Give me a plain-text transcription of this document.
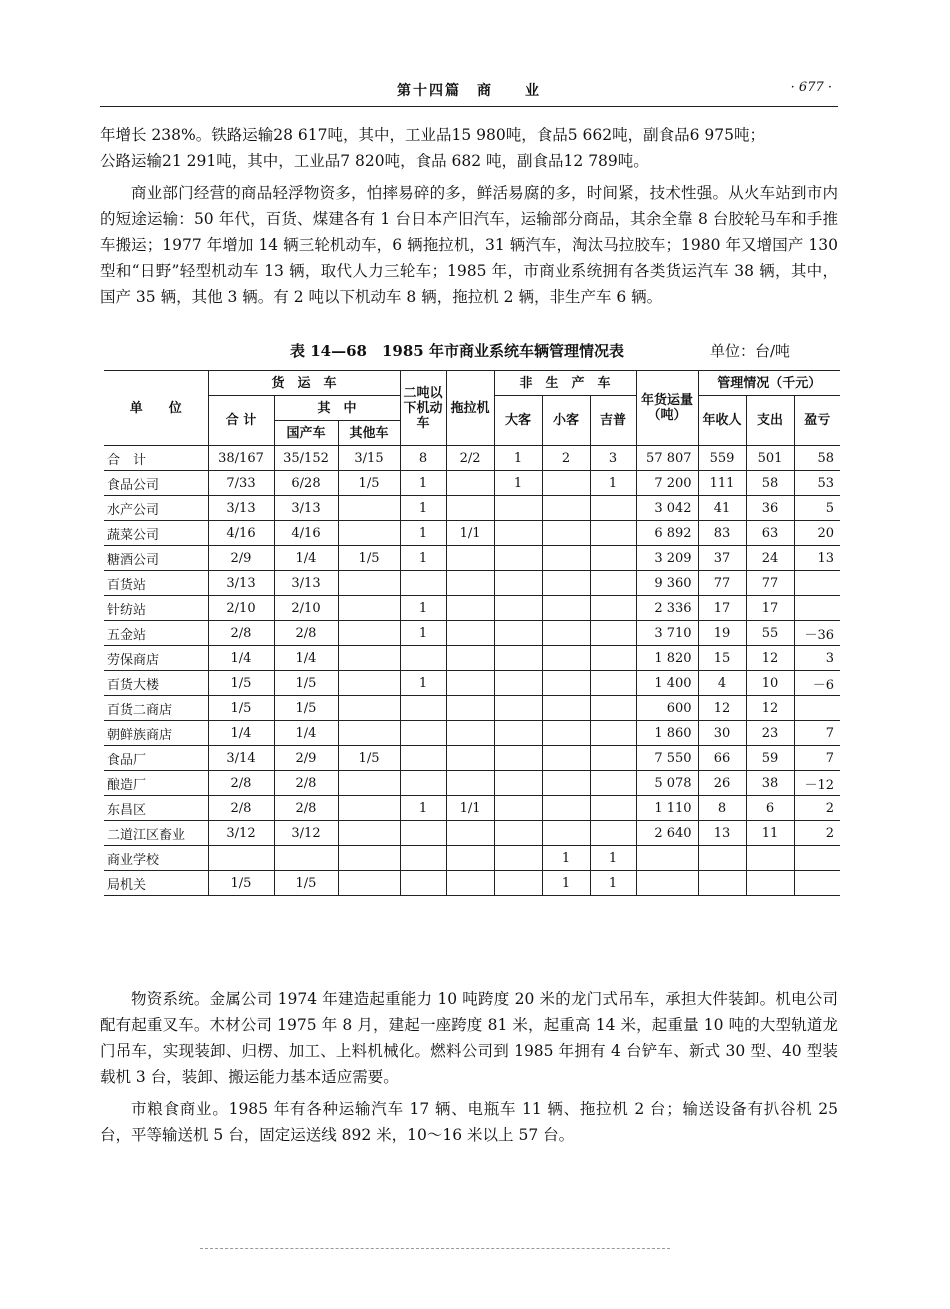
第十四篇　商　　业	· 677 ·

年增长 238%。铁路运输28 617吨，其中，工业品15 980吨，食品5 662吨，副食品6 975吨；
公路运输21 291吨，其中，工业品7 820吨，食品 682 吨，副食品12 789吨。

商业部门经营的商品轻浮物资多，怕摔易碎的多，鲜活易腐的多，时间紧，技术性强。从火车站到市内的短途运输：50 年代，百货、煤建各有 1 台日本产旧汽车，运输部分商品，其余全靠 8 台胶轮马车和手推车搬运；1977 年增加 14 辆三轮机动车，6 辆拖拉机，31 辆汽车，淘汰马拉胶车；1980 年又增国产 130 型和“日野”轻型机动车 13 辆，取代人力三轮车；1985 年，市商业系统拥有各类货运汽车 38 辆，其中，国产 35 辆，其他 3 辆。有 2 吨以下机动车 8 辆，拖拉机 2 辆，非生产车 6 辆。

表 14—68　1985 年市商业系统车辆管理情况表	单位：台/吨
单　　位	货　运　车			二吨以下机动车	拖拉机	非　生　产　车			年货运量（吨）	管理情况（千元）		
	合 计	其　中				大客	小客	吉普		年收人	支出	盈亏
		国产车	其他车									
合　计	38/167	35/152	3/15	8	2/2	1	2	3	57 807	559	501	58
食品公司	7/33	6/28	1/5	1		1		1	7 200	111	58	53
水产公司	3/13	3/13		1					3 042	41	36	5
蔬菜公司	4/16	4/16		1	1/1				6 892	83	63	20
糖酒公司	2/9	1/4	1/5	1					3 209	37	24	13
百货站	3/13	3/13							9 360	77	77	
针纺站	2/10	2/10		1					2 336	17	17	
五金站	2/8	2/8		1					3 710	19	55	－36
劳保商店	1/4	1/4							1 820	15	12	3
百货大楼	1/5	1/5		1					1 400	4	10	－6
百货二商店	1/5	1/5							600	12	12	
朝鲜族商店	1/4	1/4							1 860	30	23	7
食品厂	3/14	2/9	1/5						7 550	66	59	7
酿造厂	2/8	2/8							5 078	26	38	－12
东昌区	2/8	2/8		1	1/1				1 110	8	6	2
二道江区畜业	3/12	3/12							2 640	13	11	2
商业学校							1	1				
局机关	1/5	1/5					1	1				

物资系统。金属公司 1974 年建造起重能力 10 吨跨度 20 米的龙门式吊车，承担大件装卸。机电公司配有起重叉车。木材公司 1975 年 8 月，建起一座跨度 81 米，起重高 14 米，起重量 10 吨的大型轨道龙门吊车，实现装卸、归楞、加工、上料机械化。燃料公司到 1985 年拥有 4 台铲车、新式 30 型、40 型装载机 3 台，装卸、搬运能力基本适应需要。

市粮食商业。1985 年有各种运输汽车 17 辆、电瓶车 11 辆、拖拉机 2 台；输送设备有扒谷机 25 台，平等输送机 5 台，固定运送线 892 米，10～16 米以上 57 台。
